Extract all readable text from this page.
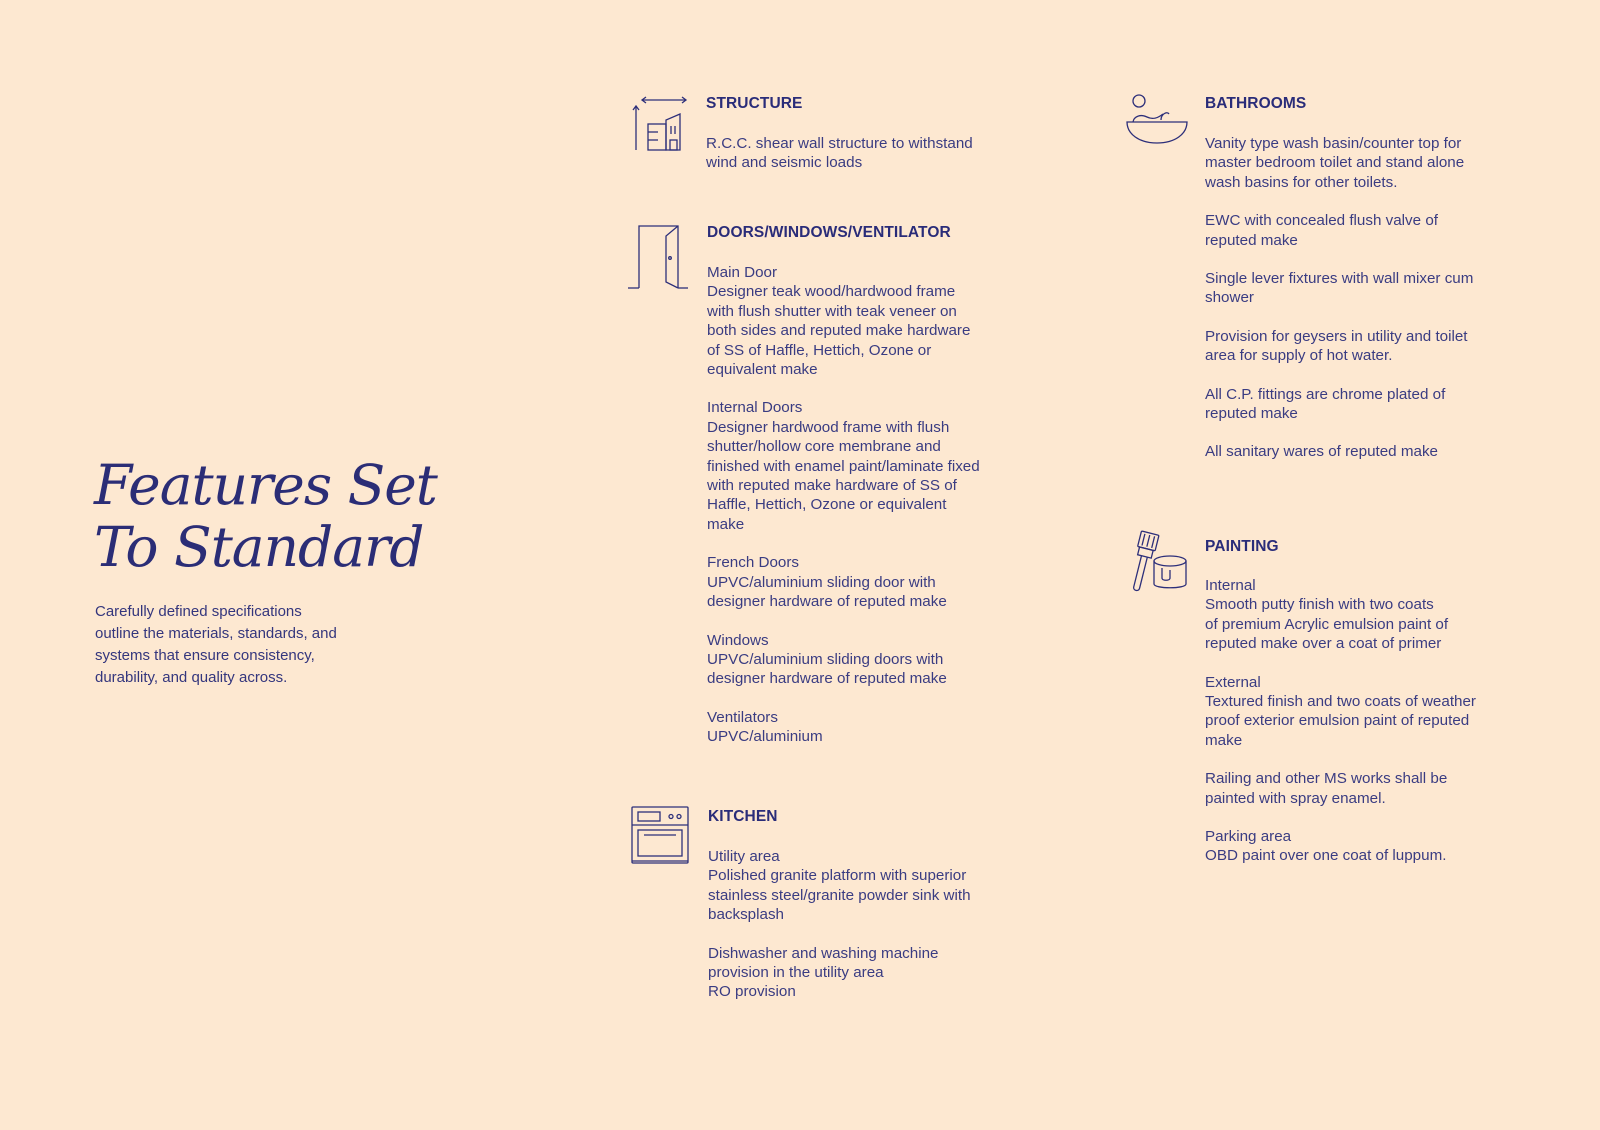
Features Set
To Standard

Carefully defined specifications
outline the materials, standards, and
systems that ensure consistency,
durability, and quality across.

STRUCTURE

R.C.C. shear wall structure to withstand
wind and seismic loads

DOORS/WINDOWS/VENTILATOR

Main Door
Designer teak wood/hardwood frame
with flush shutter with teak veneer on
both sides and reputed make hardware
of SS of Haffle, Hettich, Ozone or
equivalent make

Internal Doors
Designer hardwood frame with flush
shutter/hollow core membrane and
finished with enamel paint/laminate fixed
with reputed make hardware of SS of
Haffle, Hettich, Ozone or equivalent
make

French Doors
UPVC/aluminium sliding door with
designer hardware of reputed make

Windows
UPVC/aluminium sliding doors with
designer hardware of reputed make

Ventilators
UPVC/aluminium

KITCHEN

Utility area
Polished granite platform with superior
stainless steel/granite powder sink with
backsplash

Dishwasher and washing machine
provision in the utility area
RO provision

BATHROOMS

Vanity type wash basin/counter top for
master bedroom toilet and stand alone
wash basins for other toilets.

EWC with concealed flush valve of
reputed make

Single lever fixtures with wall mixer cum
shower

Provision for geysers in utility and toilet
area for supply of hot water.

All C.P. fittings are chrome plated of
reputed make

All sanitary wares of reputed make

PAINTING

Internal
Smooth putty finish with two coats
of premium Acrylic emulsion paint of
reputed make over a coat of primer

External
Textured finish and two coats of weather
proof exterior emulsion paint of reputed
make

Railing and other MS works shall be
painted with spray enamel.

Parking area
OBD paint over one coat of luppum.
